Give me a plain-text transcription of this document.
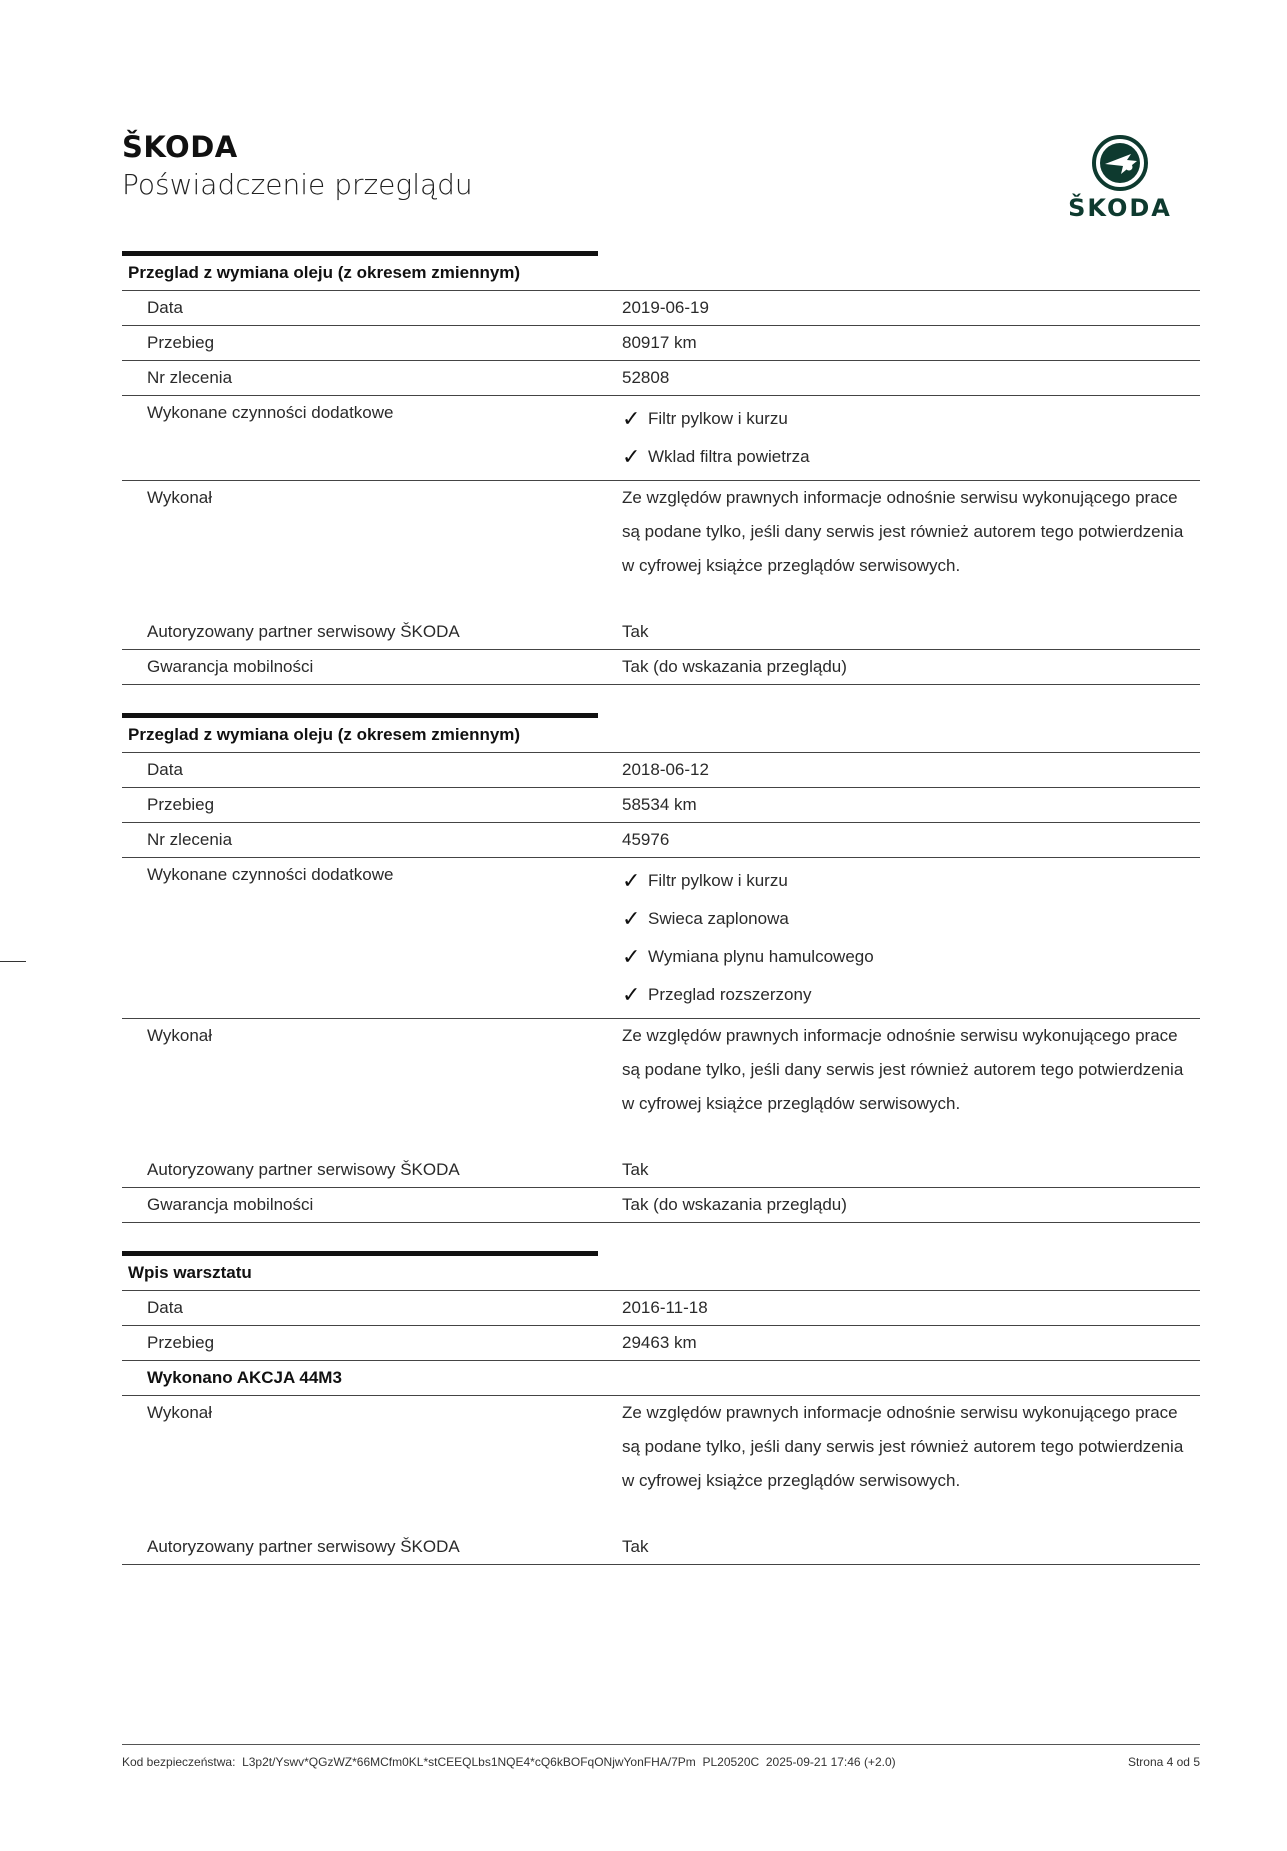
ŠKODA
Poświadczenie przeglądu
ŠKODA
Przeglad z wymiana oleju (z okresem zmiennym)
Data	2019-06-19
Przebieg	80917 km
Nr zlecenia	52808
Wykonane czynności dodatkowe	✓ Filtr pylkow i kurzu
✓ Wklad filtra powietrza
Wykonał	Ze względów prawnych informacje odnośnie serwisu wykonującego prace są podane tylko, jeśli dany serwis jest również autorem tego potwierdzenia w cyfrowej książce przeglądów serwisowych.
Autoryzowany partner serwisowy ŠKODA	Tak
Gwarancja mobilności	Tak (do wskazania przeglądu)
Przeglad z wymiana oleju (z okresem zmiennym)
Data	2018-06-12
Przebieg	58534 km
Nr zlecenia	45976
Wykonane czynności dodatkowe	✓ Filtr pylkow i kurzu
✓ Swieca zaplonowa
✓ Wymiana plynu hamulcowego
✓ Przeglad rozszerzony
Wykonał	Ze względów prawnych informacje odnośnie serwisu wykonującego prace są podane tylko, jeśli dany serwis jest również autorem tego potwierdzenia w cyfrowej książce przeglądów serwisowych.
Autoryzowany partner serwisowy ŠKODA	Tak
Gwarancja mobilności	Tak (do wskazania przeglądu)
Wpis warsztatu
Data	2016-11-18
Przebieg	29463 km
Wykonano AKCJA 44M3
Wykonał	Ze względów prawnych informacje odnośnie serwisu wykonującego prace są podane tylko, jeśli dany serwis jest również autorem tego potwierdzenia w cyfrowej książce przeglądów serwisowych.
Autoryzowany partner serwisowy ŠKODA	Tak
Kod bezpieczeństwa: L3p2t/Yswv*QGzWZ*66MCfm0KL*stCEEQLbs1NQE4*cQ6kBOFqONjwYonFHA/7Pm PL20520C 2025-09-21 17:46 (+2.0)	Strona 4 od 5
